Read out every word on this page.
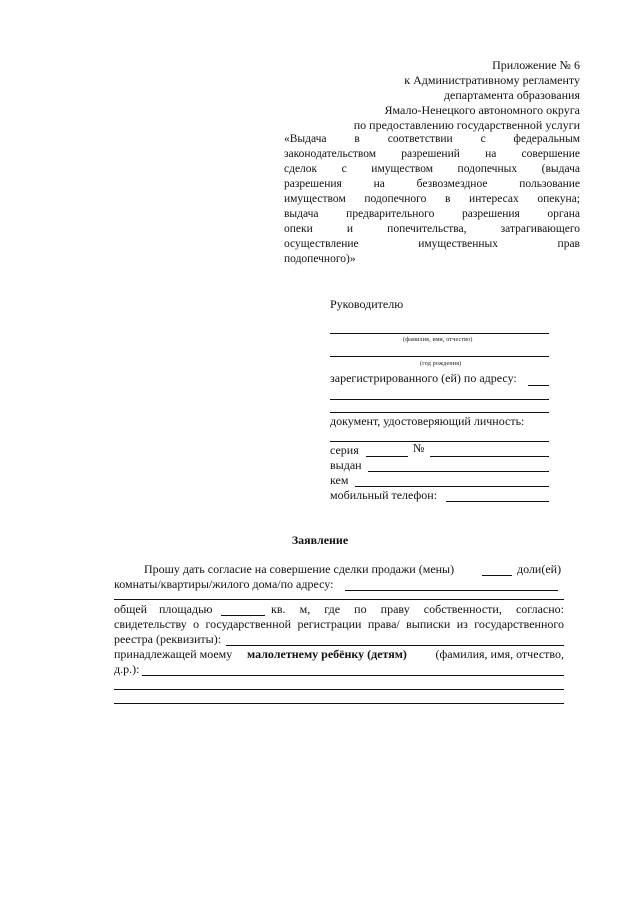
Приложение № 6
к Административному регламенту
департамента образования
Ямало-Ненецкого автономного округа
по предоставлению государственной услуги
«Выдача в соответствии с федеральным
законодательством разрешений на совершение
сделок с имуществом подопечных (выдача
разрешения на безвозмездное пользование
имуществом подопечного в интересах опекуна;
выдача предварительного разрешения органа
опеки и попечительства, затрагивающего
осуществление имущественных прав
подопечного)»
Руководителю
(фамилия, имя, отчество)
(год рождения)
зарегистрированного (ей) по адресу:
документ, удостоверяющий личность:
серия	№
выдан
кем
мобильный телефон:
Заявление
Прошу дать согласие на совершение сделки продажи (мены)	доли(ей)
комнаты/квартиры/жилого дома/по адресу:
общей площадью	кв. м, где по праву собственности, согласно:
свидетельству о государственной регистрации права/ выписки из государственного
реестра (реквизиты):
принадлежащей моему малолетнему ребёнку (детям)	(фамилия, имя, отчество,
д.р.):
